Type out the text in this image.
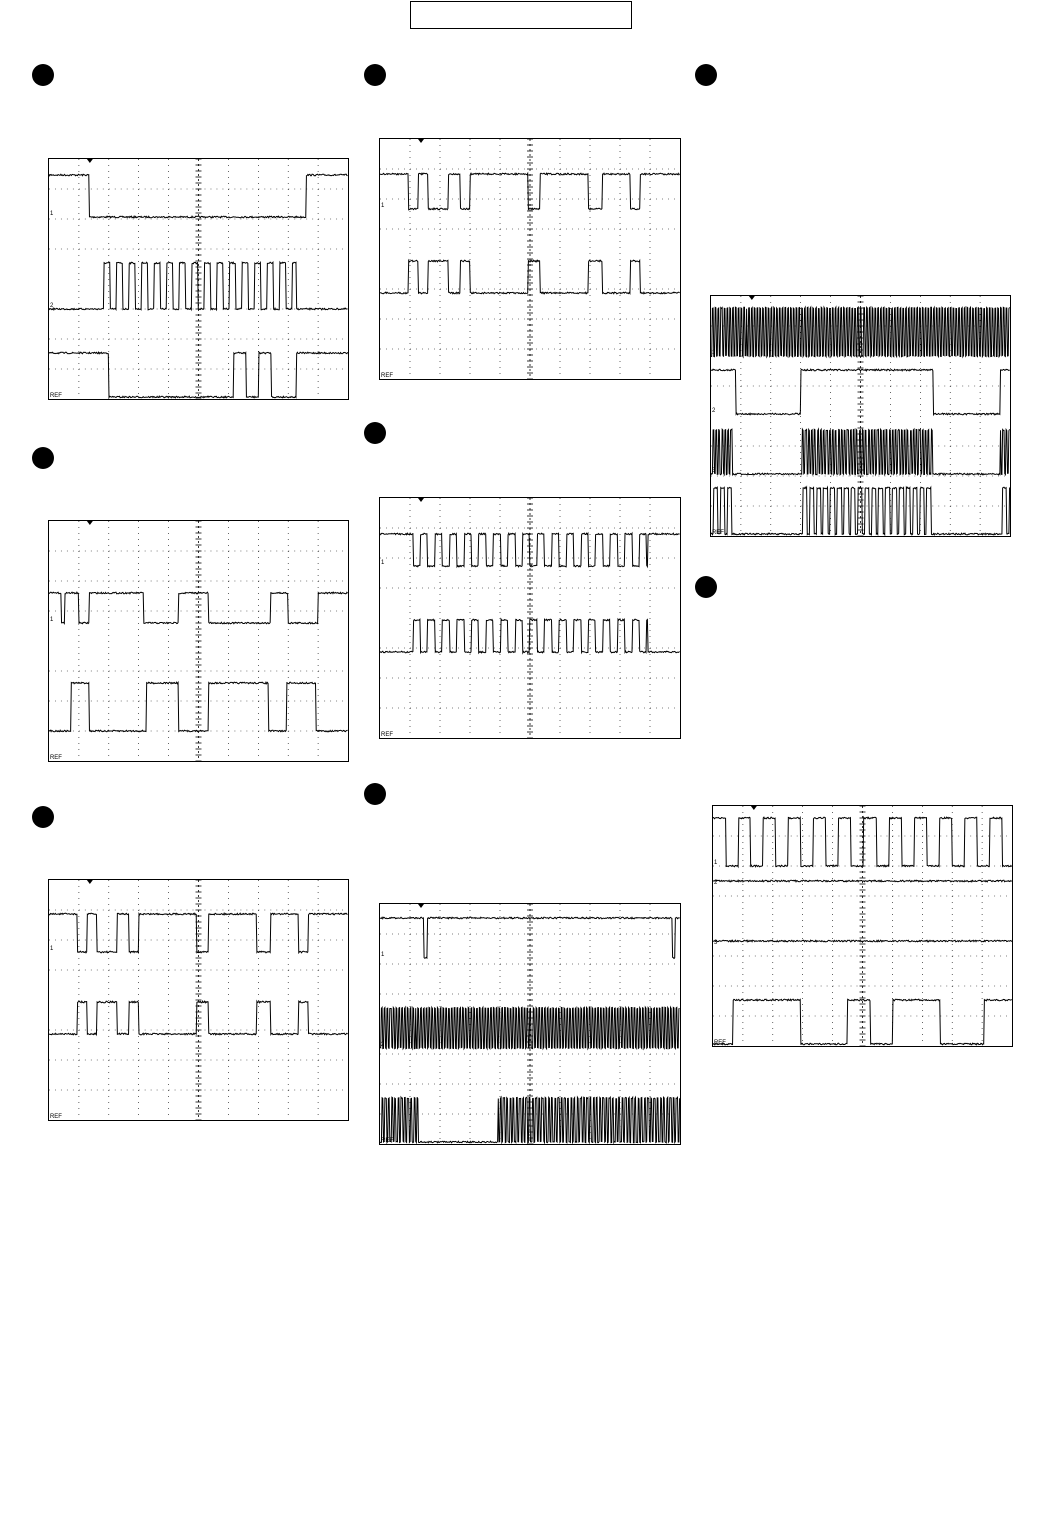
1
2
REF
1
REF
1
REF
1
REF
1
REF
1
2
REF
1
2
3
REF
1
2
3
REF
